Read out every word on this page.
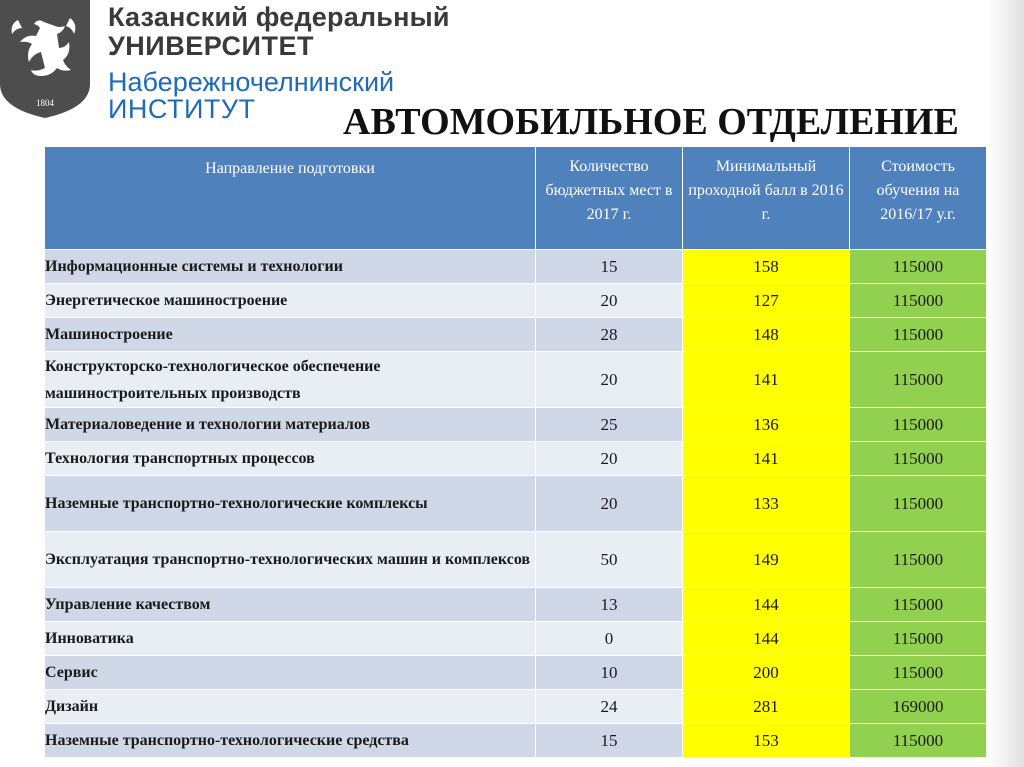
1804
Казанский федеральный
УНИВЕРСИТЕТ
Набережночелнинский
ИНСТИТУТ АВТОМОБИЛЬНОЕ ОТДЕЛЕНИЕ
Направление подготовки	Количество бюджетных мест в 2017 г.	Минимальный проходной балл в 2016 г.	Стоимость обучения на 2016/17 у.г.
Информационные системы и технологии	15	158	115000
Энергетическое машиностроение	20	127	115000
Машиностроение	28	148	115000
Конструкторско-технологическое обеспечение машиностроительных производств	20	141	115000
Материаловедение и технологии материалов	25	136	115000
Технология транспортных процессов	20	141	115000
Наземные транспортно-технологические комплексы	20	133	115000
Эксплуатация транспортно-технологических машин и комплексов	50	149	115000
Управление качеством	13	144	115000
Инноватика	0	144	115000
Сервис	10	200	115000
Дизайн	24	281	169000
Наземные транспортно-технологические средства	15	153	115000
